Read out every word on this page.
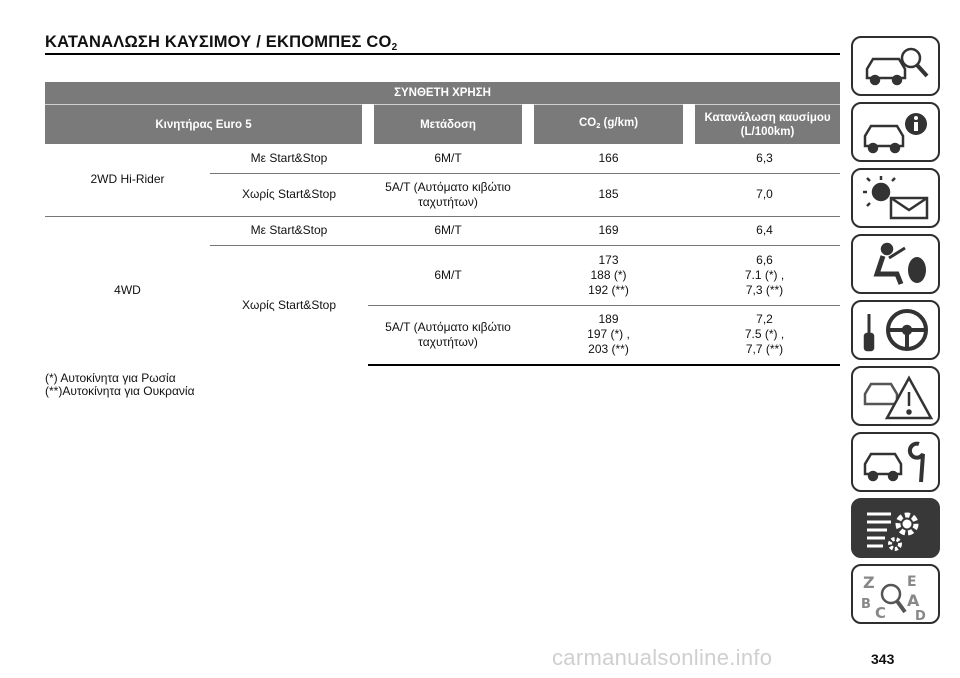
ΚΑΤΑΝΑΛΩΣΗ ΚΑΥΣΙΜΟΥ / ΕΚΠΟΜΠΕΣ $CO_2$
ΣΥΝΘΕΤΗ ΧΡΗΣΗ				
Κινητήρας Euro 5		Μετάδοση	$CO_2$ (g/km)	Κατανάλωση καυσίμου
(L/100km)
2WD Hi-Rider	Με Start&Stop	6M/T	166	6,3
	Χωρίς Start&Stop	5A/T (Αυτόματο κιβώτιο
ταχυτήτων)	185	7,0
4WD	Με Start&Stop	6M/T	169	6,4
	Χωρίς Start&Stop	6M/T	173
188 (*)
192 (**)	6,6
7.1 (*) ,
7,3 (**)
		5A/T (Αυτόματο κιβώτιο
ταχυτήτων)	189
197 (*) ,
203 (**)	7,2
7.5 (*) ,
7,7 (**)
(*) Αυτοκίνητα για Ρωσία
(**)Αυτοκίνητα για Ουκρανία
Z E
B A
D
C
343
carmanualsonline.info
